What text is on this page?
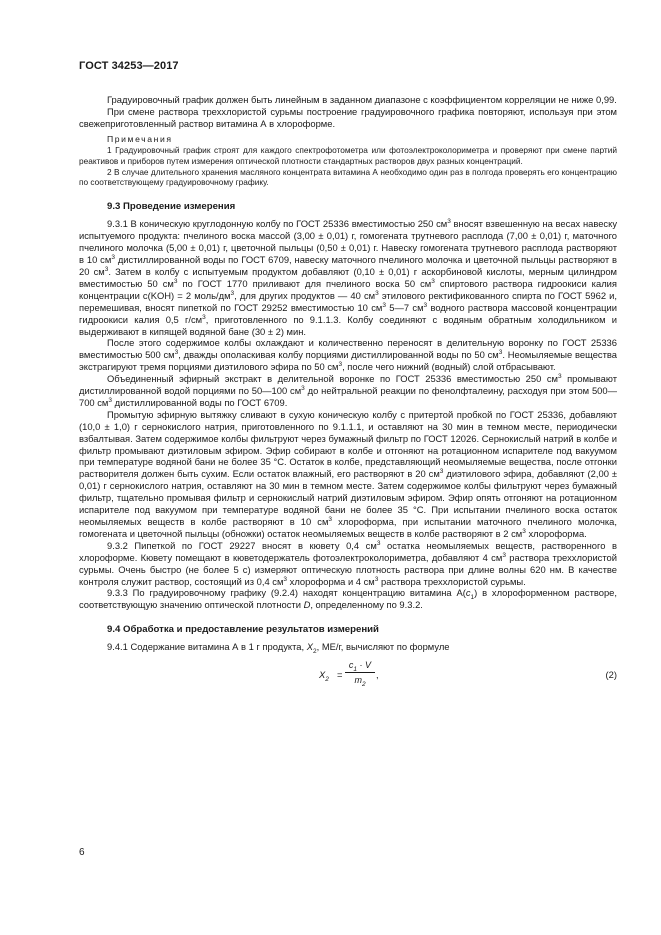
ГОСТ 34253—2017

Градуировочный график должен быть линейным в заданном диапазоне с коэффициентом корреляции не ниже 0,99.

При смене раствора треххлористой сурьмы построение градуировочного графика повторяют, используя при этом свежеприготовленный раствор витамина А в хлороформе.

Примечания

1 Градуировочный график строят для каждого спектрофотометра или фотоэлектроколориметра и проверяют при смене партий реактивов и приборов путем измерения оптической плотности стандартных растворов двух разных концентраций.

2 В случае длительного хранения масляного концентрата витамина А необходимо один раз в полгода проверять его концентрацию по соответствующему градуировочному графику.

9.3 Проведение измерения

9.3.1 В коническую круглодонную колбу по ГОСТ 25336 вместимостью 250 $см^3$ вносят взвешенную на весах навеску испытуемого продукта: пчелиного воска массой (3,00 ± 0,01) г, гомогената трутневого расплода (7,00 ± 0,01) г, маточного пчелиного молочка (5,00 ± 0,01) г, цветочной пыльцы (0,50 ± 0,01) г. Навеску гомогената трутневого расплода растворяют в 10 $см^3$ дистиллированной воды по ГОСТ 6709, навеску маточного пчелиного молочка и цветочной пыльцы растворяют в 20 $см^3$. Затем в колбу с испытуемым продуктом добавляют (0,10 ± 0,01) г аскорбиновой кислоты, мерным цилиндром вместимостью 50 $см^3$ по ГОСТ 1770 приливают для пчелиного воска 50 $см^3$ спиртового раствора гидроокиси калия концентрации c(KOH) = 2 моль/$дм^3$, для других продуктов — 40 $см^3$ этилового ректификованного спирта по ГОСТ 5962 и, перемешивая, вносят пипеткой по ГОСТ 29252 вместимостью 10 $см^3$ 5—7 $см^3$ водного раствора массовой концентрации гидроокиси калия 0,5 $г/см^3$, приготовленного по 9.1.1.3. Колбу соединяют с водяным обратным холодильником и выдерживают в кипящей водяной бане (30 ± 2) мин.

После этого содержимое колбы охлаждают и количественно переносят в делительную воронку по ГОСТ 25336 вместимостью 500 $см^3$, дважды ополаскивая колбу порциями дистиллированной воды по 50 $см^3$. Неомыляемые вещества экстрагируют тремя порциями диэтилового эфира по 50 $см^3$, после чего нижний (водный) слой отбрасывают.

Объединенный эфирный экстракт в делительной воронке по ГОСТ 25336 вместимостью 250 $см^3$ промывают дистиллированной водой порциями по 50—100 $см^3$ до нейтральной реакции по фенолфталеину, расходуя при этом 500—700 $см^3$ дистиллированной воды по ГОСТ 6709.

Промытую эфирную вытяжку сливают в сухую коническую колбу с притертой пробкой по ГОСТ 25336, добавляют (10,0 ± 1,0) г сернокислого натрия, приготовленного по 9.1.1.1, и оставляют на 30 мин в темном месте, периодически взбалтывая. Затем содержимое колбы фильтруют через бумажный фильтр по ГОСТ 12026. Сернокислый натрий в колбе и фильтр промывают диэтиловым эфиром. Эфир собирают в колбе и отгоняют на ротационном испарителе под вакуумом при температуре водяной бани не более 35 °C. Остаток в колбе, представляющий неомыляемые вещества, после отгонки растворителя должен быть сухим. Если остаток влажный, его растворяют в 20 $см^3$ диэтилового эфира, добавляют (2,00 ± 0,01) г сернокислого натрия, оставляют на 30 мин в темном месте. Затем содержимое колбы фильтруют через бумажный фильтр, тщательно промывая фильтр и сернокислый натрий диэтиловым эфиром. Эфир опять отгоняют на ротационном испарителе под вакуумом при температуре водяной бани не более 35 °C. При испытании пчелиного воска остаток неомыляемых веществ в колбе растворяют в 10 $см^3$ хлороформа, при испытании маточного пчелиного молочка, гомогената и цветочной пыльцы (обножки) остаток неомыляемых веществ в колбе растворяют в 2 $см^3$ хлороформа.

9.3.2 Пипеткой по ГОСТ 29227 вносят в кювету 0,4 $см^3$ остатка неомыляемых веществ, растворенного в хлороформе. Кювету помещают в кюветодержатель фотоэлектроколориметра, добавляют 4 $см^3$ раствора треххлористой сурьмы. Очень быстро (не более 5 с) измеряют оптическую плотность раствора при длине волны 620 нм. В качестве контроля служит раствор, состоящий из 0,4 $см^3$ хлороформа и 4 $см^3$ раствора треххлористой сурьмы.

9.3.3 По градуировочному графику (9.2.4) находят концентрацию витамина $А(c_1)$ в хлороформенном растворе, соответствующую значению оптической плотности D, определенному по 9.3.2.

9.4 Обработка и предоставление результатов измерений

9.4.1 Содержание витамина А в 1 г продукта, $X_2$, МЕ/г, вычисляют по формуле

$X_2$ =
$c_1 \cdot V$
$m_2$
,	(2)
6
